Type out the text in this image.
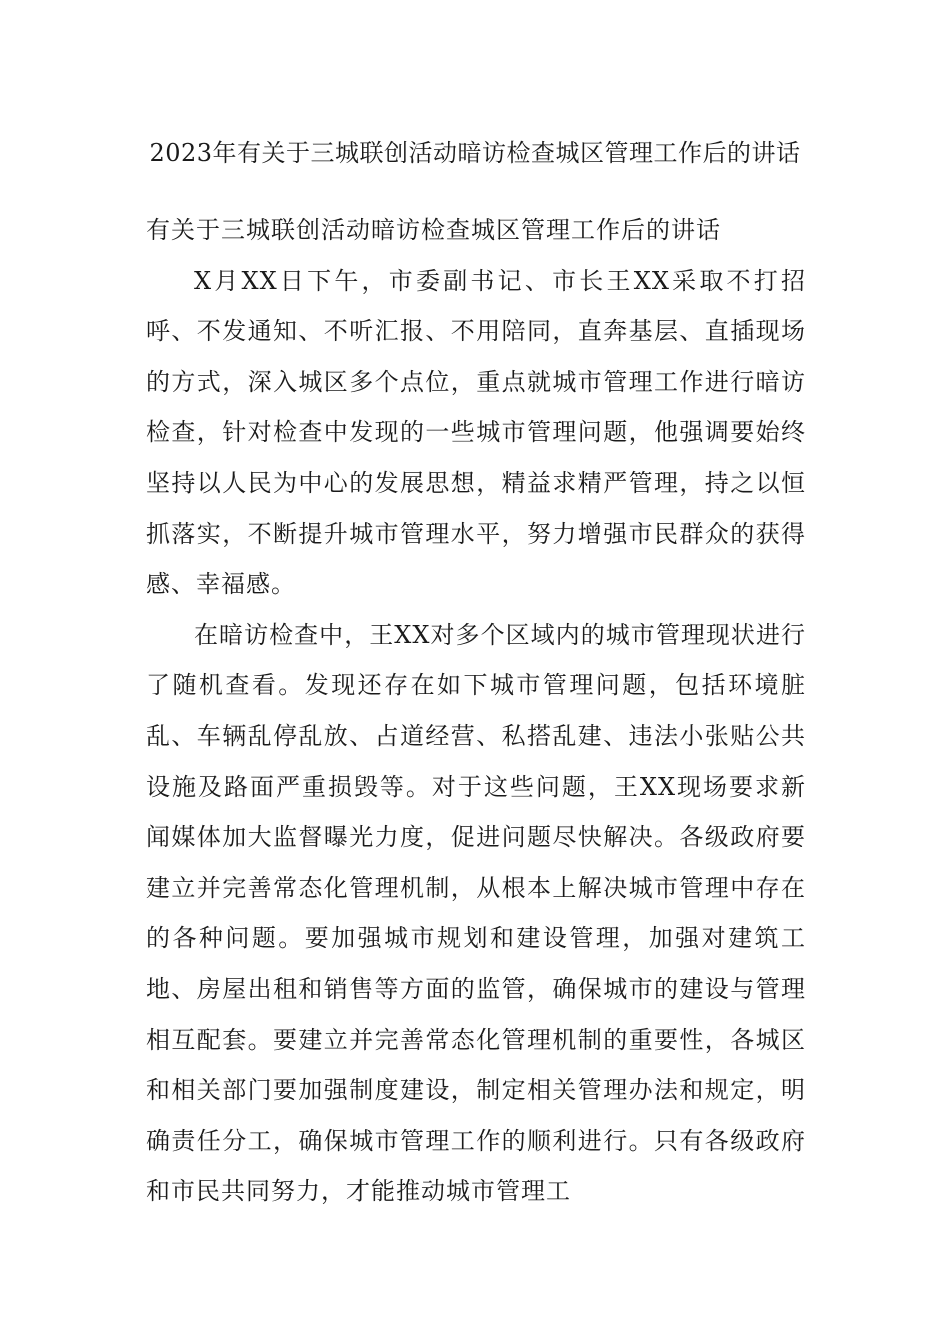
2023年有关于三城联创活动暗访检查城区管理工作后的讲话

有关于三城联创活动暗访检查城区管理工作后的讲话

X月XX日下午，市委副书记、市长王XX采取不打招呼、不发通知、不听汇报、不用陪同，直奔基层、直插现场的方式，深入城区多个点位，重点就城市管理工作进行暗访检查，针对检查中发现的一些城市管理问题，他强调要始终坚持以人民为中心的发展思想，精益求精严管理，持之以恒抓落实，不断提升城市管理水平，努力增强市民群众的获得感、幸福感。

在暗访检查中，王XX对多个区域内的城市管理现状进行了随机查看。发现还存在如下城市管理问题，包括环境脏乱、车辆乱停乱放、占道经营、私搭乱建、违法小张贴公共设施及路面严重损毁等。对于这些问题，王XX现场要求新闻媒体加大监督曝光力度，促进问题尽快解决。各级政府要建立并完善常态化管理机制，从根本上解决城市管理中存在的各种问题。要加强城市规划和建设管理，加强对建筑工地、房屋出租和销售等方面的监管，确保城市的建设与管理相互配套。要建立并完善常态化管理机制的重要性，各城区和相关部门要加强制度建设，制定相关管理办法和规定，明确责任分工，确保城市管理工作的顺利进行。只有各级政府和市民共同努力，才能推动城市管理工
